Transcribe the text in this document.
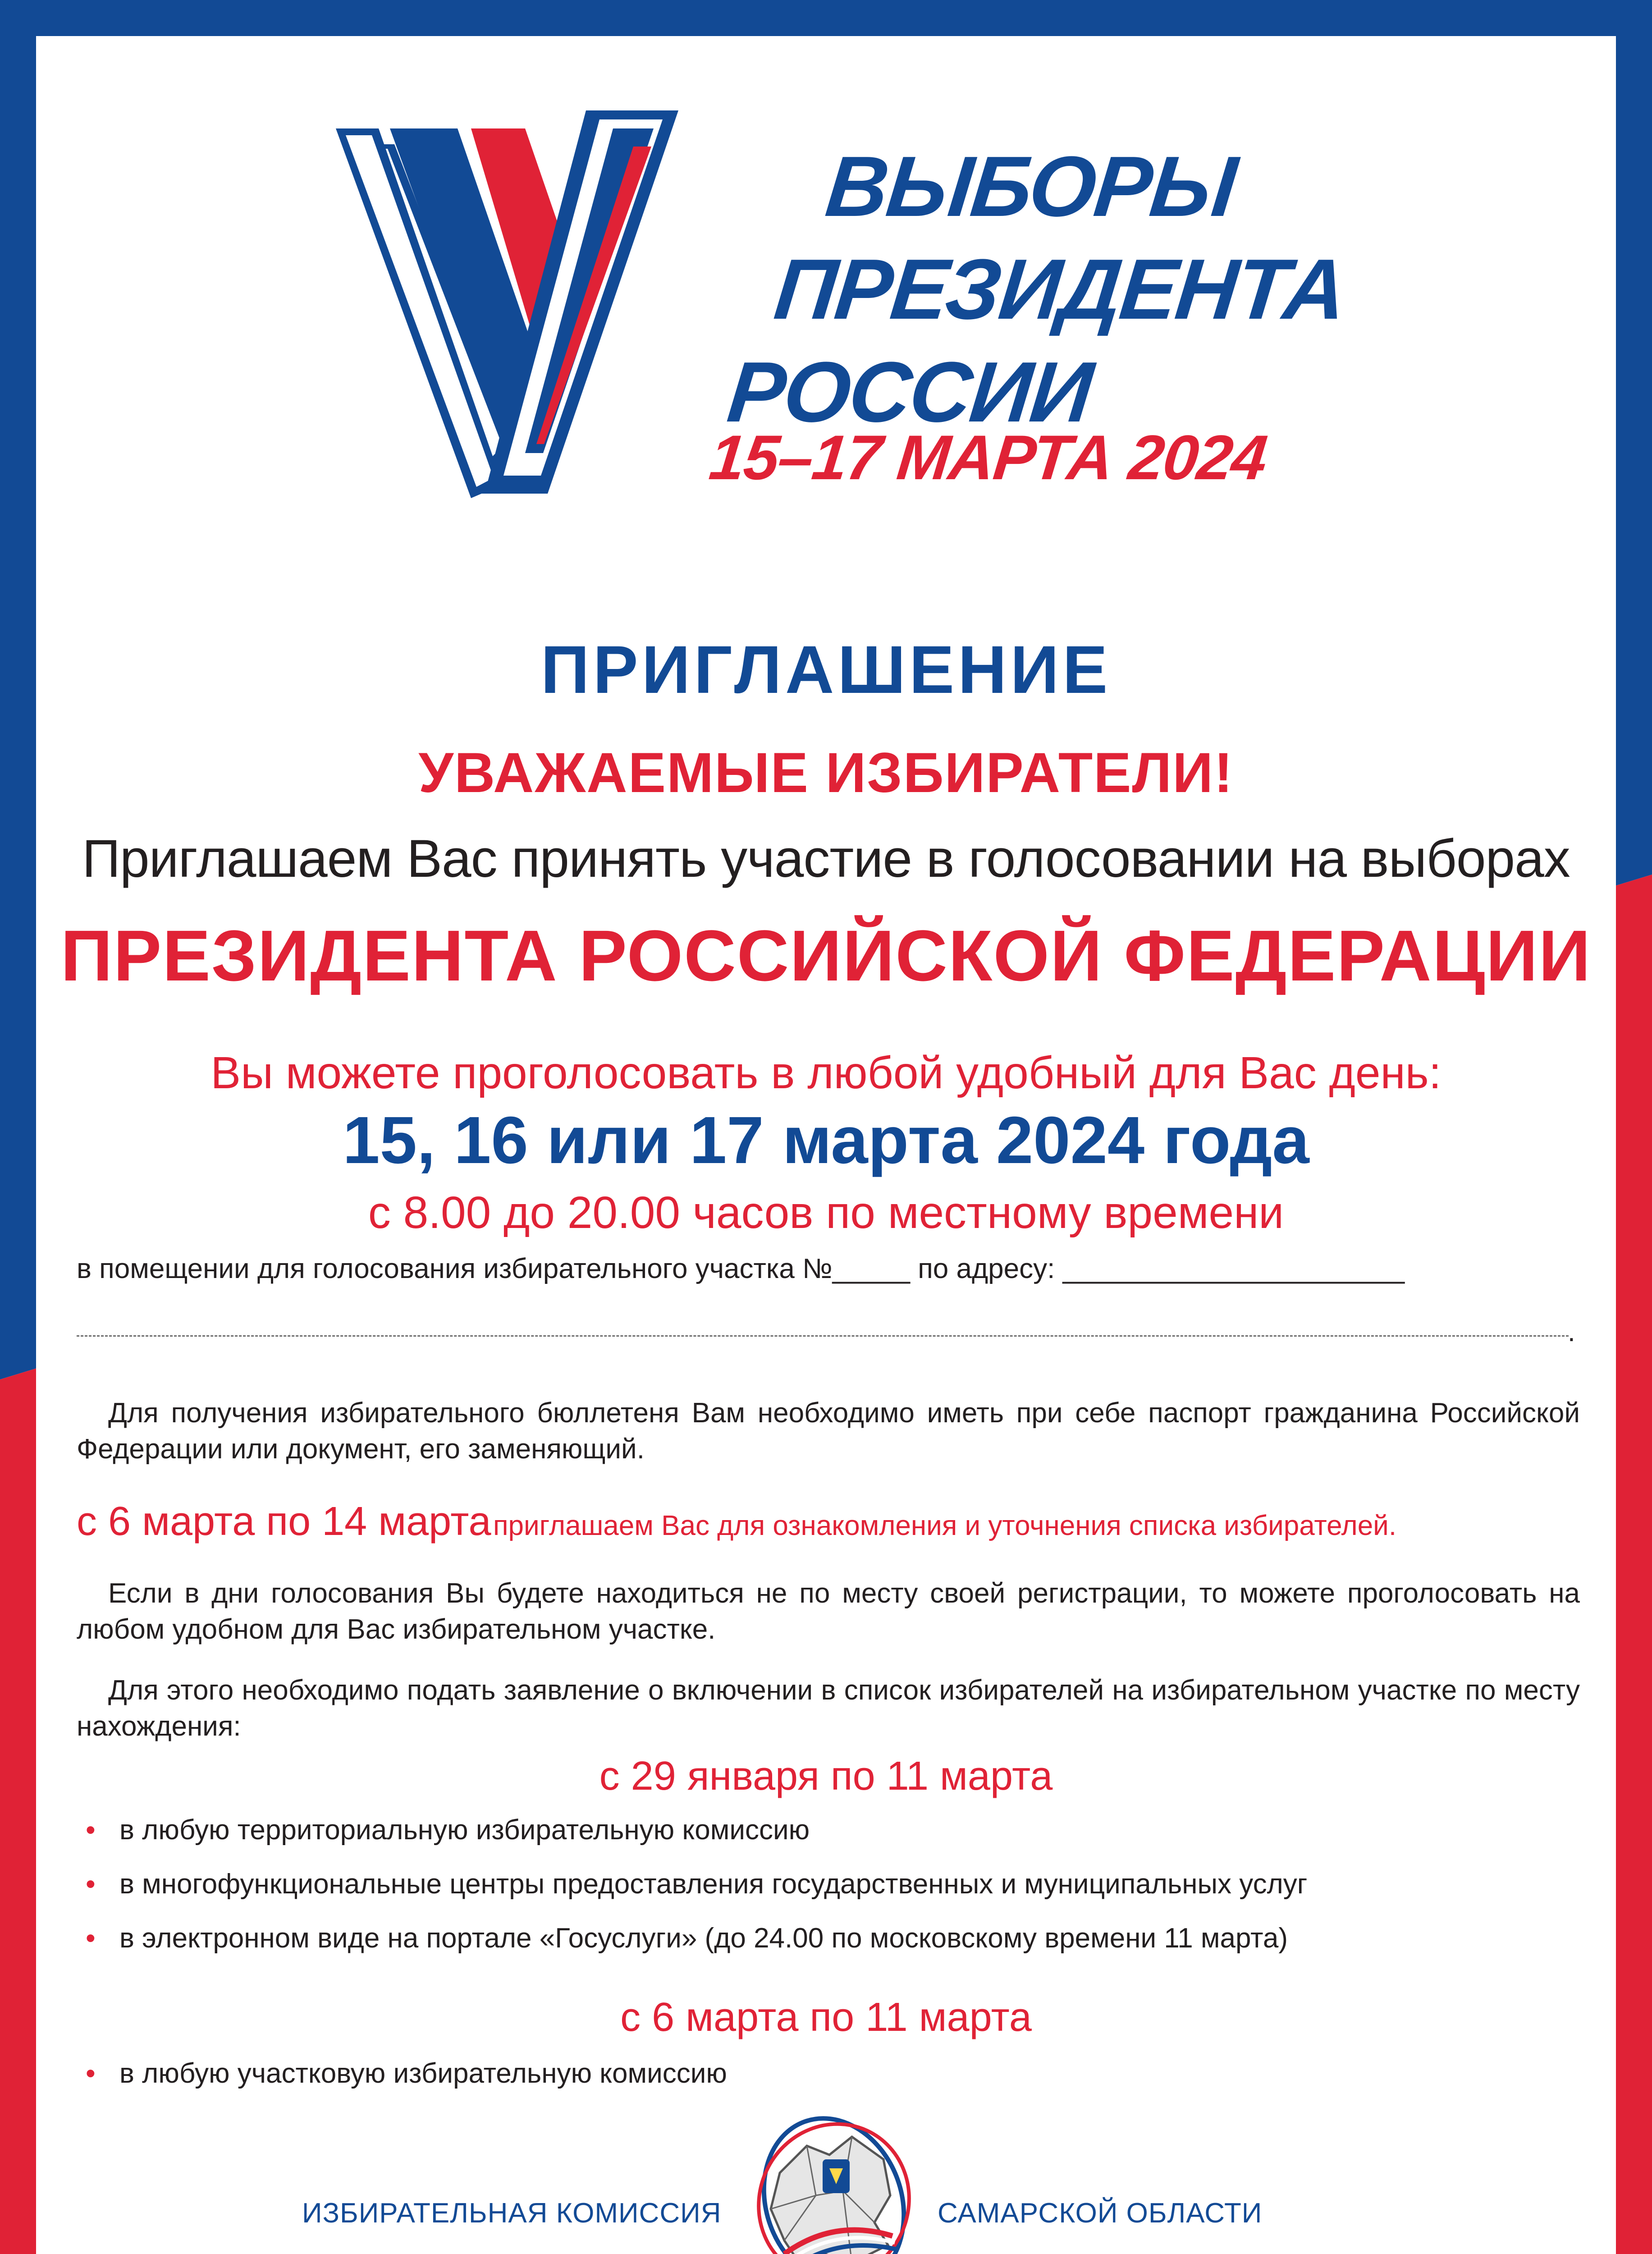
ВЫБОРЫ
ПРЕЗИДЕНТА
РОССИИ
15–17 МАРТА 2024
ПРИГЛАШЕНИЕ
УВАЖАЕМЫЕ ИЗБИРАТЕЛИ!
Приглашаем Вас принять участие в голосовании на выборах
ПРЕЗИДЕНТА РОССИЙСКОЙ ФЕДЕРАЦИИ
Вы можете проголосовать в любой удобный для Вас день:
15, 16 или 17 марта 2024 года
с 8.00 до 20.00 часов по местному времени
в помещении для голосования избирательного участка №_____ по адресу: ______________________
.
Для получения избирательного бюллетеня Вам необходимо иметь при себе паспорт гражданина Российской Федерации или документ, его заменяющий.
с 6 марта по 14 марта приглашаем Вас для ознакомления и уточнения списка избирателей.
Если в дни голосования Вы будете находиться не по месту своей регистрации, то можете проголосовать на любом удобном для Вас избирательном участке.
Для этого необходимо подать заявление о включении в список избирателей на избирательном участке по месту нахождения:
с 29 января по 11 марта
• в любую территориальную избирательную комиссию
• в многофункциональные центры предоставления государственных и муниципальных услуг
• в электронном виде на портале «Госуслуги» (до 24.00 по московскому времени 11 марта)
с 6 марта по 11 марта
• в любую участковую избирательную комиссию
ИЗБИРАТЕЛЬНАЯ КОМИССИЯ	САМАРСКОЙ ОБЛАСТИ
